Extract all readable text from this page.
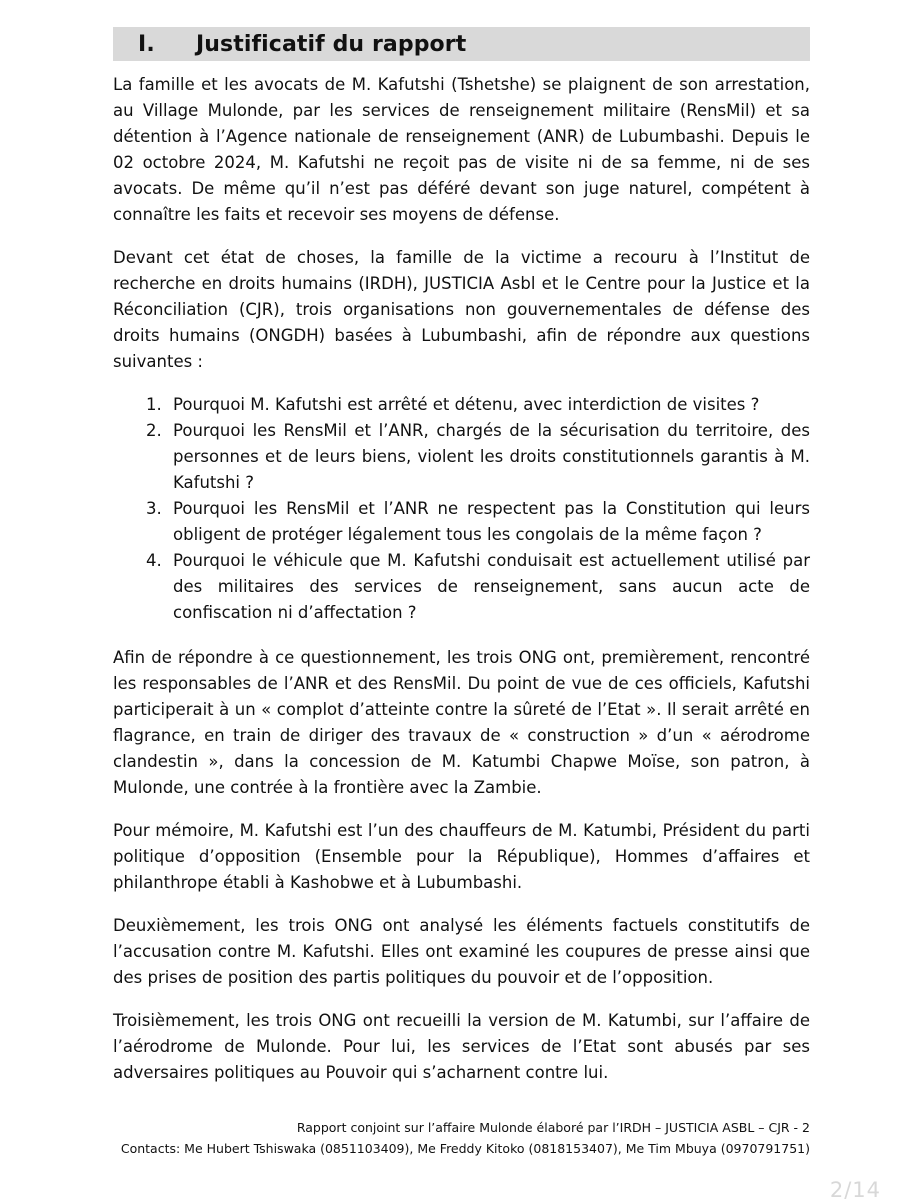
I.	Justificatif du rapport

La famille et les avocats de M. Kafutshi (Tshetshe) se plaignent de son arrestation, au Village Mulonde, par les services de renseignement militaire (RensMil) et sa détention à l’Agence nationale de renseignement (ANR) de Lubumbashi. Depuis le 02 octobre 2024, M. Kafutshi ne reçoit pas de visite ni de sa femme, ni de ses avocats. De même qu’il n’est pas déféré devant son juge naturel, compétent à connaître les faits et recevoir ses moyens de défense.

Devant cet état de choses, la famille de la victime a recouru à l’Institut de recherche en droits humains (IRDH), JUSTICIA Asbl et le Centre pour la Justice et la Réconciliation (CJR), trois organisations non gouvernementales de défense des droits humains (ONGDH) basées à Lubumbashi, afin de répondre aux questions suivantes :

1. Pourquoi M. Kafutshi est arrêté et détenu, avec interdiction de visites ?
2. Pourquoi les RensMil et l’ANR, chargés de la sécurisation du territoire, des personnes et de leurs biens, violent les droits constitutionnels garantis à M. Kafutshi ?
3. Pourquoi les RensMil et l’ANR ne respectent pas la Constitution qui leurs obligent de protéger légalement tous les congolais de la même façon ?
4. Pourquoi le véhicule que M. Kafutshi conduisait est actuellement utilisé par des militaires des services de renseignement, sans aucun acte de confiscation ni d’affectation ?

Afin de répondre à ce questionnement, les trois ONG ont, premièrement, rencontré les responsables de l’ANR et des RensMil. Du point de vue de ces officiels, Kafutshi participerait à un « complot d’atteinte contre la sûreté de l’Etat ». Il serait arrêté en flagrance, en train de diriger des travaux de « construction » d’un « aérodrome clandestin », dans la concession de M. Katumbi Chapwe Moïse, son patron, à Mulonde, une contrée à la frontière avec la Zambie.

Pour mémoire, M. Kafutshi est l’un des chauffeurs de M. Katumbi, Président du parti politique d’opposition (Ensemble pour la République), Hommes d’affaires et philanthrope établi à Kashobwe et à Lubumbashi.

Deuxièmement, les trois ONG ont analysé les éléments factuels constitutifs de l’accusation contre M. Kafutshi. Elles ont examiné les coupures de presse ainsi que des prises de position des partis politiques du pouvoir et de l’opposition.

Troisièmement, les trois ONG ont recueilli la version de M. Katumbi, sur l’affaire de l’aérodrome de Mulonde. Pour lui, les services de l’Etat sont abusés par ses adversaires politiques au Pouvoir qui s’acharnent contre lui.

Rapport conjoint sur l’affaire Mulonde élaboré par l’IRDH – JUSTICIA ASBL – CJR - 2
Contacts: Me Hubert Tshiswaka (0851103409), Me Freddy Kitoko (0818153407), Me Tim Mbuya (0970791751)
2/14
